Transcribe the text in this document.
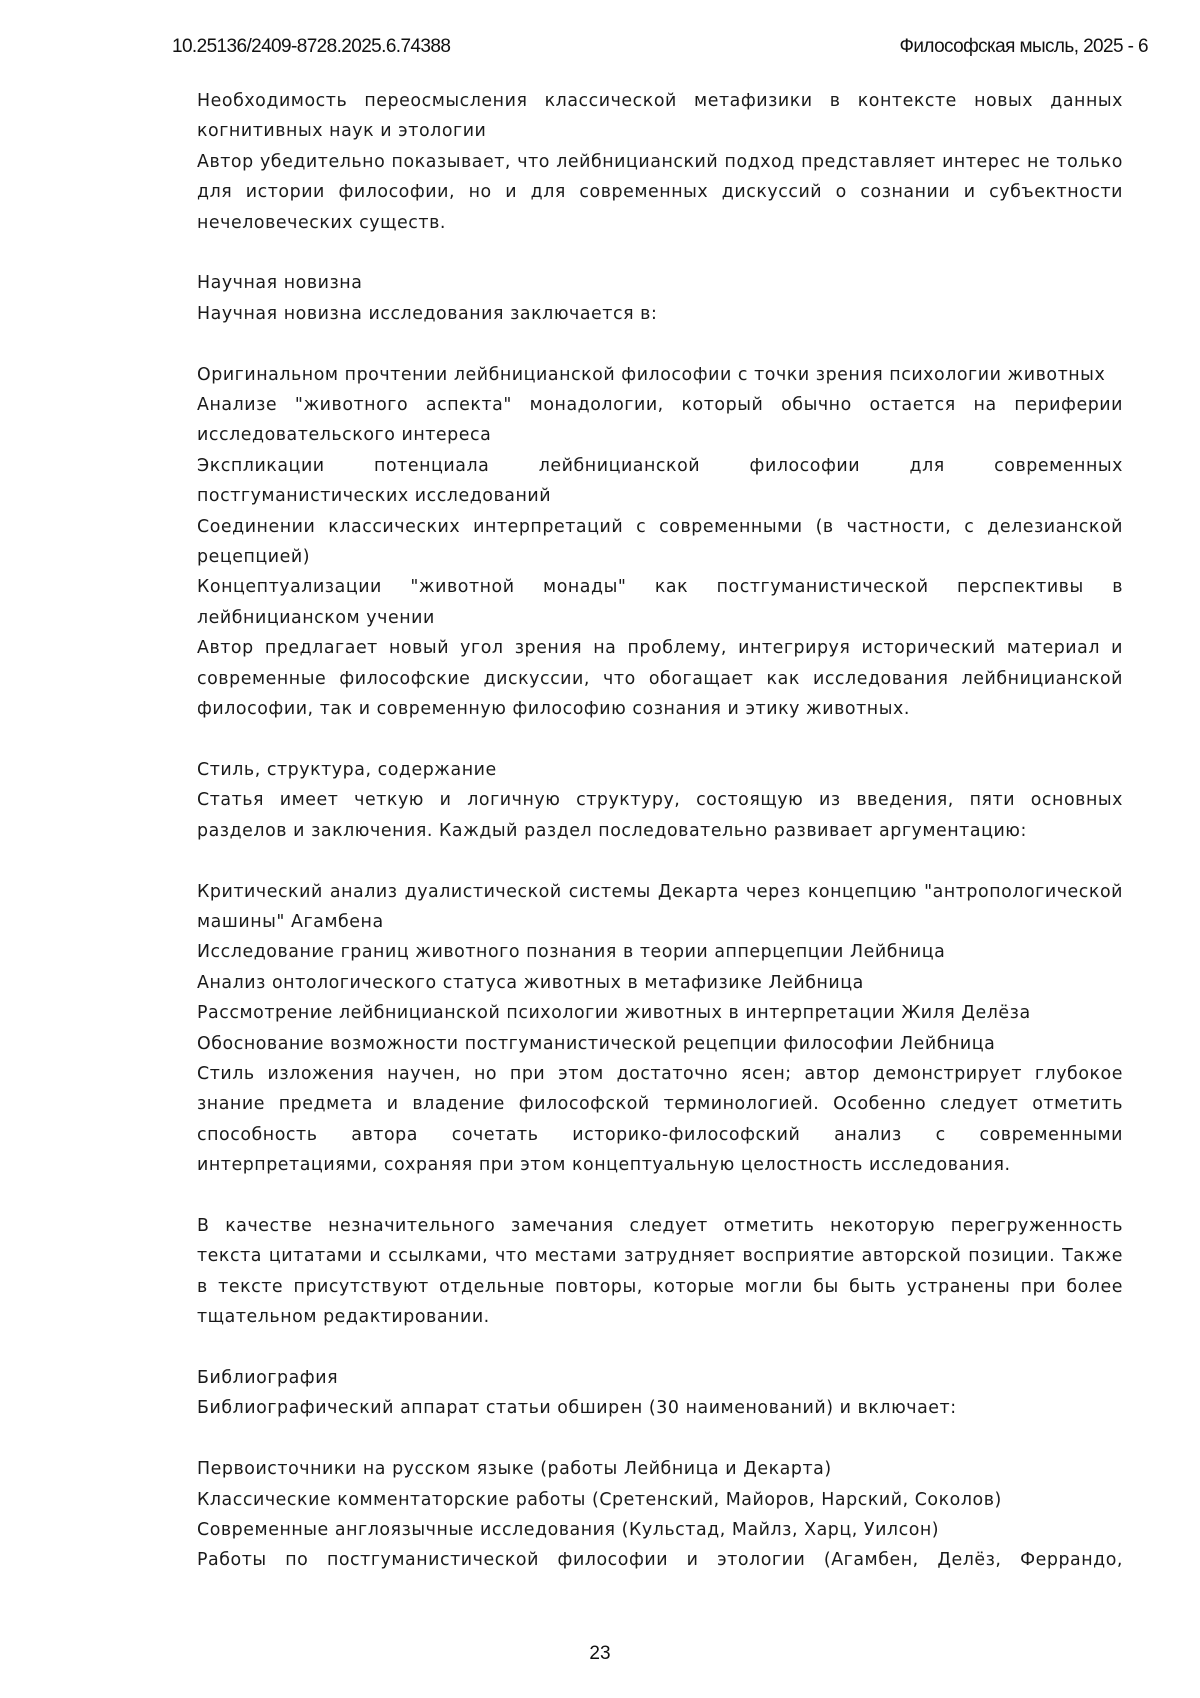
10.25136/2409-8728.2025.6.74388	Философская мысль, 2025 - 6

Необходимость переосмысления классической метафизики в контексте новых данных когнитивных наук и этологии

Автор убедительно показывает, что лейбницианский подход представляет интерес не только для истории философии, но и для современных дискуссий о сознании и субъектности нечеловеческих существ.

Научная новизна

Научная новизна исследования заключается в:

Оригинальном прочтении лейбницианской философии с точки зрения психологии животных

Анализе "животного аспекта" монадологии, который обычно остается на периферии исследовательского интереса

Экспликации потенциала лейбницианской философии для современных постгуманистических исследований

Соединении классических интерпретаций с современными (в частности, с делезианской рецепцией)

Концептуализации "животной монады" как постгуманистической перспективы в лейбницианском учении

Автор предлагает новый угол зрения на проблему, интегрируя исторический материал и современные философские дискуссии, что обогащает как исследования лейбницианской философии, так и современную философию сознания и этику животных.

Стиль, структура, содержание

Статья имеет четкую и логичную структуру, состоящую из введения, пяти основных разделов и заключения. Каждый раздел последовательно развивает аргументацию:

Критический анализ дуалистической системы Декарта через концепцию "антропологической машины" Агамбена

Исследование границ животного познания в теории апперцепции Лейбница

Анализ онтологического статуса животных в метафизике Лейбница

Рассмотрение лейбницианской психологии животных в интерпретации Жиля Делёза

Обоснование возможности постгуманистической рецепции философии Лейбница

Стиль изложения научен, но при этом достаточно ясен; автор демонстрирует глубокое знание предмета и владение философской терминологией. Особенно следует отметить способность автора сочетать историко-философский анализ с современными интерпретациями, сохраняя при этом концептуальную целостность исследования.

В качестве незначительного замечания следует отметить некоторую перегруженность текста цитатами и ссылками, что местами затрудняет восприятие авторской позиции. Также в тексте присутствуют отдельные повторы, которые могли бы быть устранены при более тщательном редактировании.

Библиография

Библиографический аппарат статьи обширен (30 наименований) и включает:

Первоисточники на русском языке (работы Лейбница и Декарта)

Классические комментаторские работы (Сретенский, Майоров, Нарский, Соколов)

Современные англоязычные исследования (Кульстад, Майлз, Харц, Уилсон)

Работы по постгуманистической философии и этологии (Агамбен, Делёз, Феррандо,

23
